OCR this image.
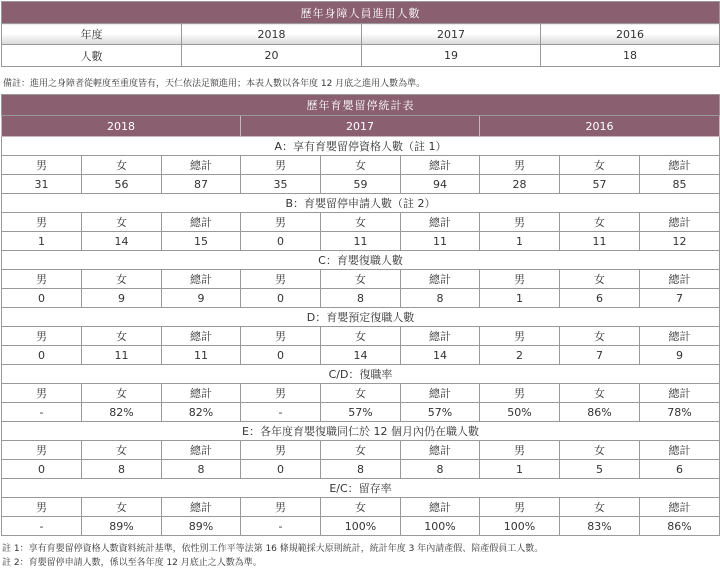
歷年身障人員進用人數			
年度	2018	2017	2016
人數	20	19	18
備註：進用之身障者從輕度至重度皆有，天仁依法足額進用；本表人數以各年度 12 月底之進用人數為準。
歷年育嬰留停統計表								
2018			2017			2016		
A：享有育嬰留停資格人數（註 1）								
男	女	總計	男	女	總計	男	女	總計
31	56	87	35	59	94	28	57	85
B：育嬰留停申請人數（註 2）								
男	女	總計	男	女	總計	男	女	總計
1	14	15	0	11	11	1	11	12
C：育嬰復職人數								
男	女	總計	男	女	總計	男	女	總計
0	9	9	0	8	8	1	6	7
D：育嬰預定復職人數								
男	女	總計	男	女	總計	男	女	總計
0	11	11	0	14	14	2	7	9
C/D：復職率								
男	女	總計	男	女	總計	男	女	總計
-	82%	82%	-	57%	57%	50%	86%	78%
E：各年度育嬰復職同仁於 12 個月內仍在職人數								
男	女	總計	男	女	總計	男	女	總計
0	8	8	0	8	8	1	5	6
E/C：留存率								
男	女	總計	男	女	總計	男	女	總計
-	89%	89%	-	100%	100%	100%	83%	86%
註 1：享有育嬰留停資格人數資料統計基準，依性別工作平等法第 16 條規範採大原則統計，統計年度 3 年內請產假、陪產假員工人數。
註 2：育嬰留停申請人數，係以至各年度 12 月底止之人數為準。
